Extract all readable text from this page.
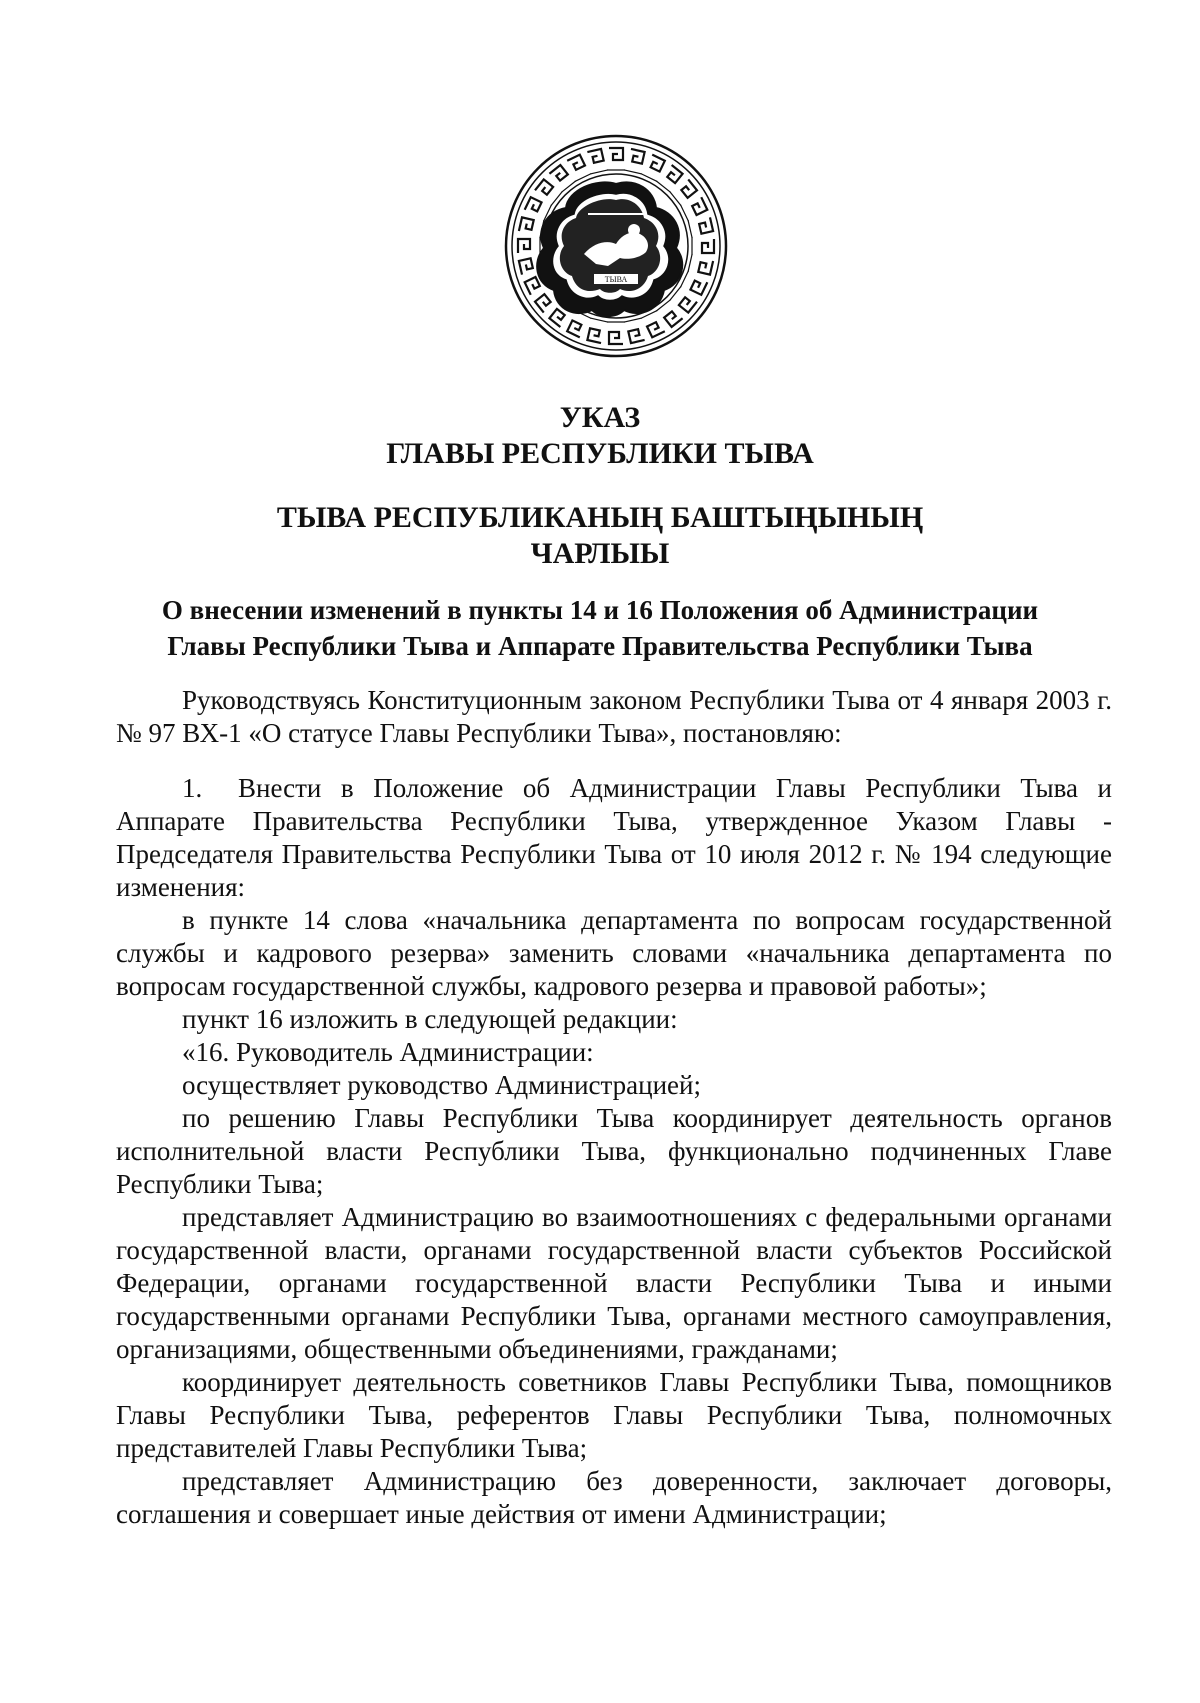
ТЫВА
УКАЗ
ГЛАВЫ РЕСПУБЛИКИ ТЫВА
ТЫВА РЕСПУБЛИКАНЫҢ БАШТЫҢЫНЫҢ
ЧАРЛЫЫ
О внесении изменений в пункты 14 и 16 Положения об Администрации
Главы Республики Тыва и Аппарате Правительства Республики Тыва

Руководствуясь Конституционным законом Республики Тыва от 4 января 2003 г. № 97 ВХ-1 «О статусе Главы Республики Тыва», постановляю:

1. Внести в Положение об Администрации Главы Республики Тыва и Аппарате Правительства Республики Тыва, утвержденное Указом Главы - Председателя Правительства Республики Тыва от 10 июля 2012 г. № 194 следующие изменения:

в пункте 14 слова «начальника департамента по вопросам государственной службы и кадрового резерва» заменить словами «начальника департамента по вопросам государственной службы, кадрового резерва и правовой работы»;

пункт 16 изложить в следующей редакции:

«16. Руководитель Администрации:

осуществляет руководство Администрацией;

по решению Главы Республики Тыва координирует деятельность органов исполнительной власти Республики Тыва, функционально подчиненных Главе Республики Тыва;

представляет Администрацию во взаимоотношениях с федеральными органами государственной власти, органами государственной власти субъектов Российской Федерации, органами государственной власти Республики Тыва и иными государственными органами Республики Тыва, органами местного самоуправления, организациями, общественными объединениями, гражданами;

координирует деятельность советников Главы Республики Тыва, помощников Главы Республики Тыва, референтов Главы Республики Тыва, полномочных представителей Главы Республики Тыва;

представляет Администрацию без доверенности, заключает договоры, соглашения и совершает иные действия от имени Администрации;
